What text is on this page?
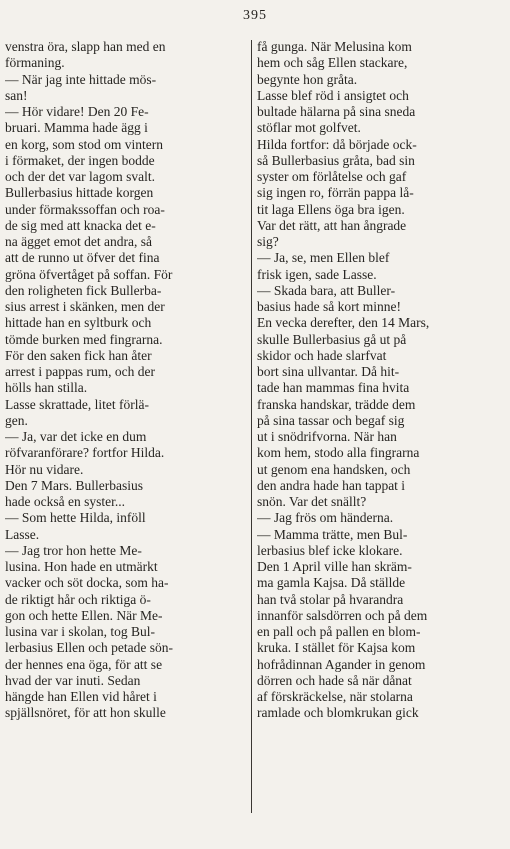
395

venstra öra, slapp han med en

förmaning.

— När jag inte hittade mös-

san!

— Hör vidare! Den 20 Fe-

bruari. Mamma hade ägg i

en korg, som stod om vintern

i förmaket, der ingen bodde

och der det var lagom svalt.

Bullerbasius hittade korgen

under förmakssoffan och roa-

de sig med att knacka det e-

na ägget emot det andra, så

att de runno ut öfver det fina

gröna öfvertåget på soffan. För

den roligheten fick Bullerba-

sius arrest i skänken, men der

hittade han en syltburk och

tömde burken med fingrarna.

För den saken fick han åter

arrest i pappas rum, och der

hölls han stilla.

Lasse skrattade, litet förlä-

gen.

— Ja, var det icke en dum

röfvaranförare? fortfor Hilda.

Hör nu vidare.

Den 7 Mars. Bullerbasius

hade också en syster...

— Som hette Hilda, inföll

Lasse.

— Jag tror hon hette Me-

lusina. Hon hade en utmärkt

vacker och söt docka, som ha-

de riktigt hår och riktiga ö-

gon och hette Ellen. När Me-

lusina var i skolan, tog Bul-

lerbasius Ellen och petade sön-

der hennes ena öga, för att se

hvad der var inuti. Sedan

hängde han Ellen vid håret i

spjällsnöret, för att hon skulle

få gunga. När Melusina kom

hem och såg Ellen stackare,

begynte hon gråta.

Lasse blef röd i ansigtet och

bultade hälarna på sina sneda

stöflar mot golfvet.

Hilda fortfor: då började ock-

så Bullerbasius gråta, bad sin

syster om förlåtelse och gaf

sig ingen ro, förrän pappa lå-

tit laga Ellens öga bra igen.

Var det rätt, att han ångrade

sig?

— Ja, se, men Ellen blef

frisk igen, sade Lasse.

— Skada bara, att Buller-

basius hade så kort minne!

En vecka derefter, den 14 Mars,

skulle Bullerbasius gå ut på

skidor och hade slarfvat

bort sina ullvantar. Då hit-

tade han mammas fina hvita

franska handskar, trädde dem

på sina tassar och begaf sig

ut i snödrifvorna. När han

kom hem, stodo alla fingrarna

ut genom ena handsken, och

den andra hade han tappat i

snön. Var det snällt?

— Jag frös om händerna.

— Mamma trätte, men Bul-

lerbasius blef icke klokare.

Den 1 April ville han skräm-

ma gamla Kajsa. Då ställde

han två stolar på hvarandra

innanför salsdörren och på dem

en pall och på pallen en blom-

kruka. I stället för Kajsa kom

hofrådinnan Agander in genom

dörren och hade så när dånat

af förskräckelse, när stolarna

ramlade och blomkrukan gick
